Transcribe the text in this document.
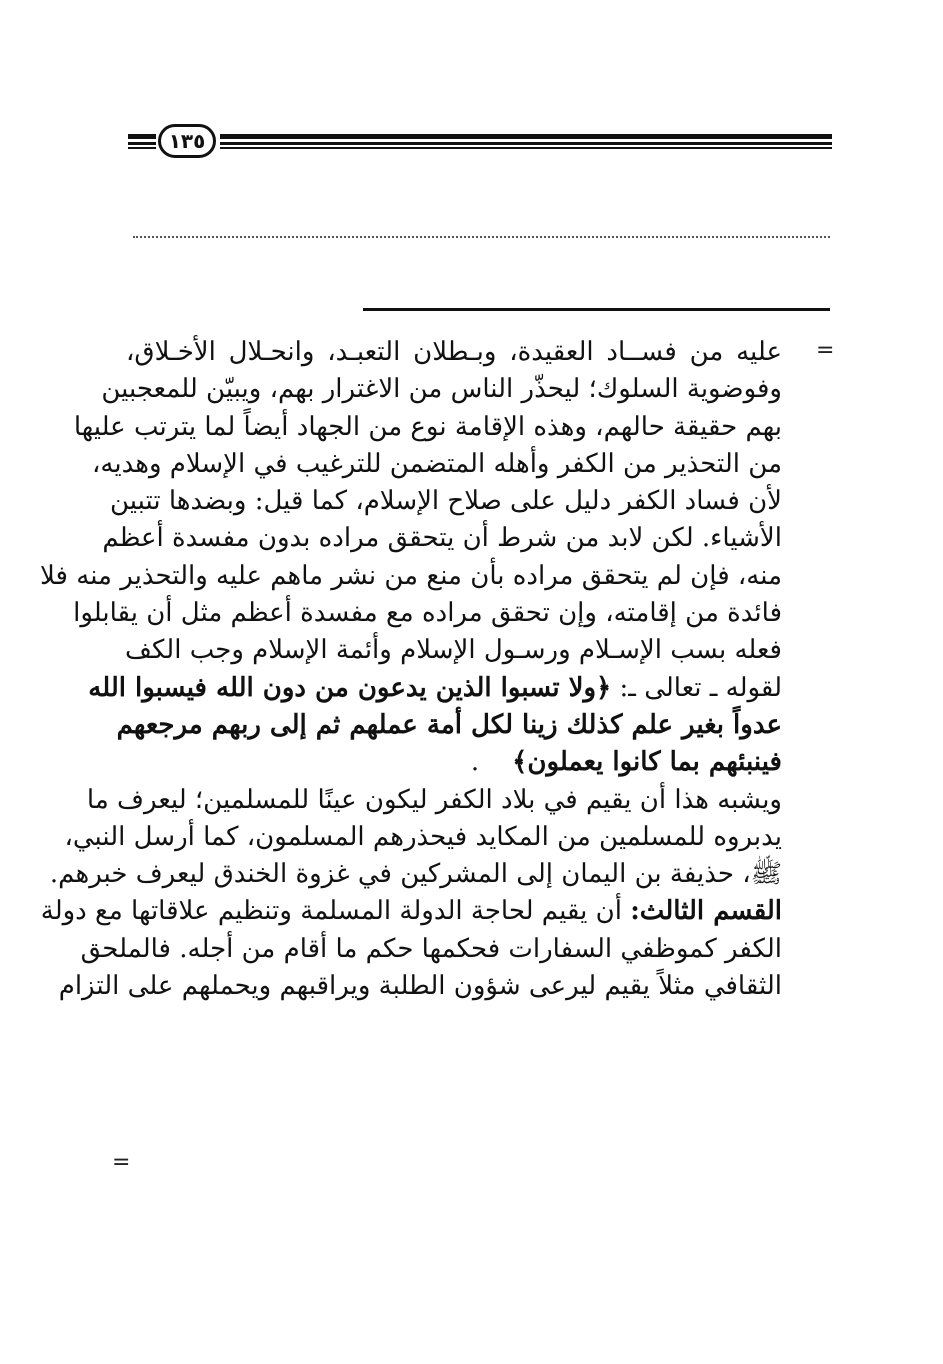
١٣٥
=
عليه من فســاد العقيدة، وبـطلان التعبـد، وانحـلال الأخـلاق،
وفوضوية السلوك؛ ليحذّر الناس من الاغترار بهم، ويبيّن للمعجبين
بهم حقيقة حالهم، وهذه الإقامة نوع من الجهاد أيضاً لما يترتب عليها
من التحذير من الكفر وأهله المتضمن للترغيب في الإسلام وهديه،
لأن فساد الكفر دليل على صلاح الإسلام، كما قيل: وبضدها تتبين
الأشياء. لكن لابد من شرط أن يتحقق مراده بدون مفسدة أعظم
منه، فإن لم يتحقق مراده بأن منع من نشر ماهم عليه والتحذير منه فلا
فائدة من إقامته، وإن تحقق مراده مع مفسدة أعظم مثل أن يقابلوا
فعله بسب الإسـلام ورسـول الإسلام وأئمة الإسلام وجب الكف
لقوله ـ تعالى ـ: ﴿ولا تسبوا الذين يدعون من دون الله فيسبوا الله
عدواً بغير علم كذلك زينا لكل أمة عملهم ثم إلى ربهم مرجعهم
فينبئهم بما كانوا يعملون﴾    .
ويشبه هذا أن يقيم في بلاد الكفر ليكون عينًا للمسلمين؛ ليعرف ما
يدبروه للمسلمين من المكايد فيحذرهم المسلمون، كما أرسل النبي،
ﷺ، حذيفة بن اليمان إلى المشركين في غزوة الخندق ليعرف خبرهم.
القسم الثالث: أن يقيم لحاجة الدولة المسلمة وتنظيم علاقاتها مع دولة
الكفر كموظفي السفارات فحكمها حكم ما أقام من أجله. فالملحق
الثقافي مثلاً يقيم ليرعى شؤون الطلبة ويراقبهم ويحملهم على التزام
=
